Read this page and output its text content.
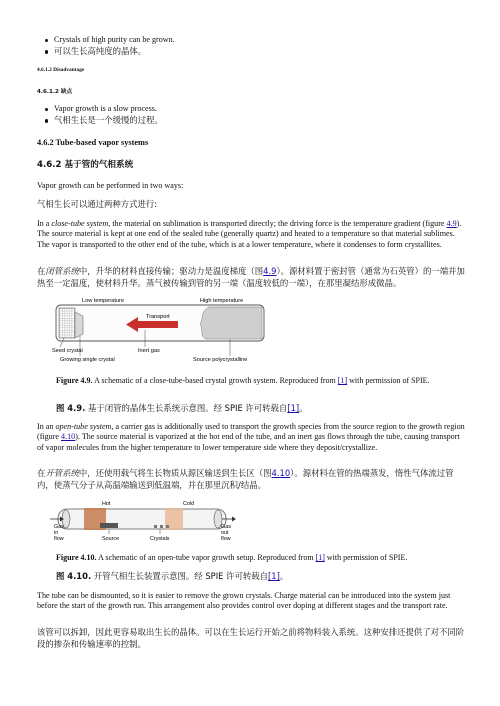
Crystals of high purity can be grown.
可以生长高纯度的晶体。
4.6.1.2 Disadvantage
4.6.1.2 缺点
Vapor growth is a slow process.
气相生长是一个缓慢的过程。
4.6.2 Tube-based vapor systems
4.6.2 基于管的气相系统
Vapor growth can be performed in two ways:
气相生长可以通过两种方式进行:
In a close-tube system, the material on sublimation is transported directly; the driving force is the temperature gradient (figure 4.9). The source material is kept at one end of the sealed tube (generally quartz) and heated to a temperature so that material sublimes. The vapor is transported to the other end of the tube, which is at a lower temperature, where it condenses to form crystallites.
在闭管系统中，升华的材料直接传输；驱动力是温度梯度（图4.9）。源材料置于密封管（通常为石英管）的一端并加热至一定温度，使材料升华。蒸气被传输到管的另一端（温度较低的一端），在那里凝结形成微晶。
Low temperature	High temperature
Transport
Seed crystal
Growing single crystal
Inert gas
Source polycrystalline
Figure 4.9. A schematic of a close-tube-based crystal growth system. Reproduced from [1] with permission of SPIE.
图 4.9. 基于闭管的晶体生长系统示意图。经 SPIE 许可转载自[1]。
In an open-tube system, a carrier gas is additionally used to transport the growth species from the source region to the growth region (figure 4.10). The source material is vaporized at the hot end of the tube, and an inert gas flows through the tube, causing transport of vapor molecules from the higher temperature to lower temperature side where they deposit/crystallize.
在开管系统中，还使用载气将生长物质从源区输送到生长区（图4.10）。源材料在管的热端蒸发，惰性气体流过管内，使蒸气分子从高温端输送到低温端，并在那里沉积/结晶。
Hot	Cold
Gas in flow
Gas out flow
Source	Crystals
Figure 4.10. A schematic of an open-tube vapor growth setup. Reproduced from [1] with permission of SPIE.
图 4.10. 开管气相生长装置示意图。经 SPIE 许可转载自[1]。
The tube can be dismounted, so it is easier to remove the grown crystals. Charge material can be introduced into the system just before the start of the growth run. This arrangement also provides control over doping at different stages and the transport rate.
该管可以拆卸，因此更容易取出生长的晶体。可以在生长运行开始之前将物料装入系统。这种安排还提供了对不同阶段的掺杂和传输速率的控制。
